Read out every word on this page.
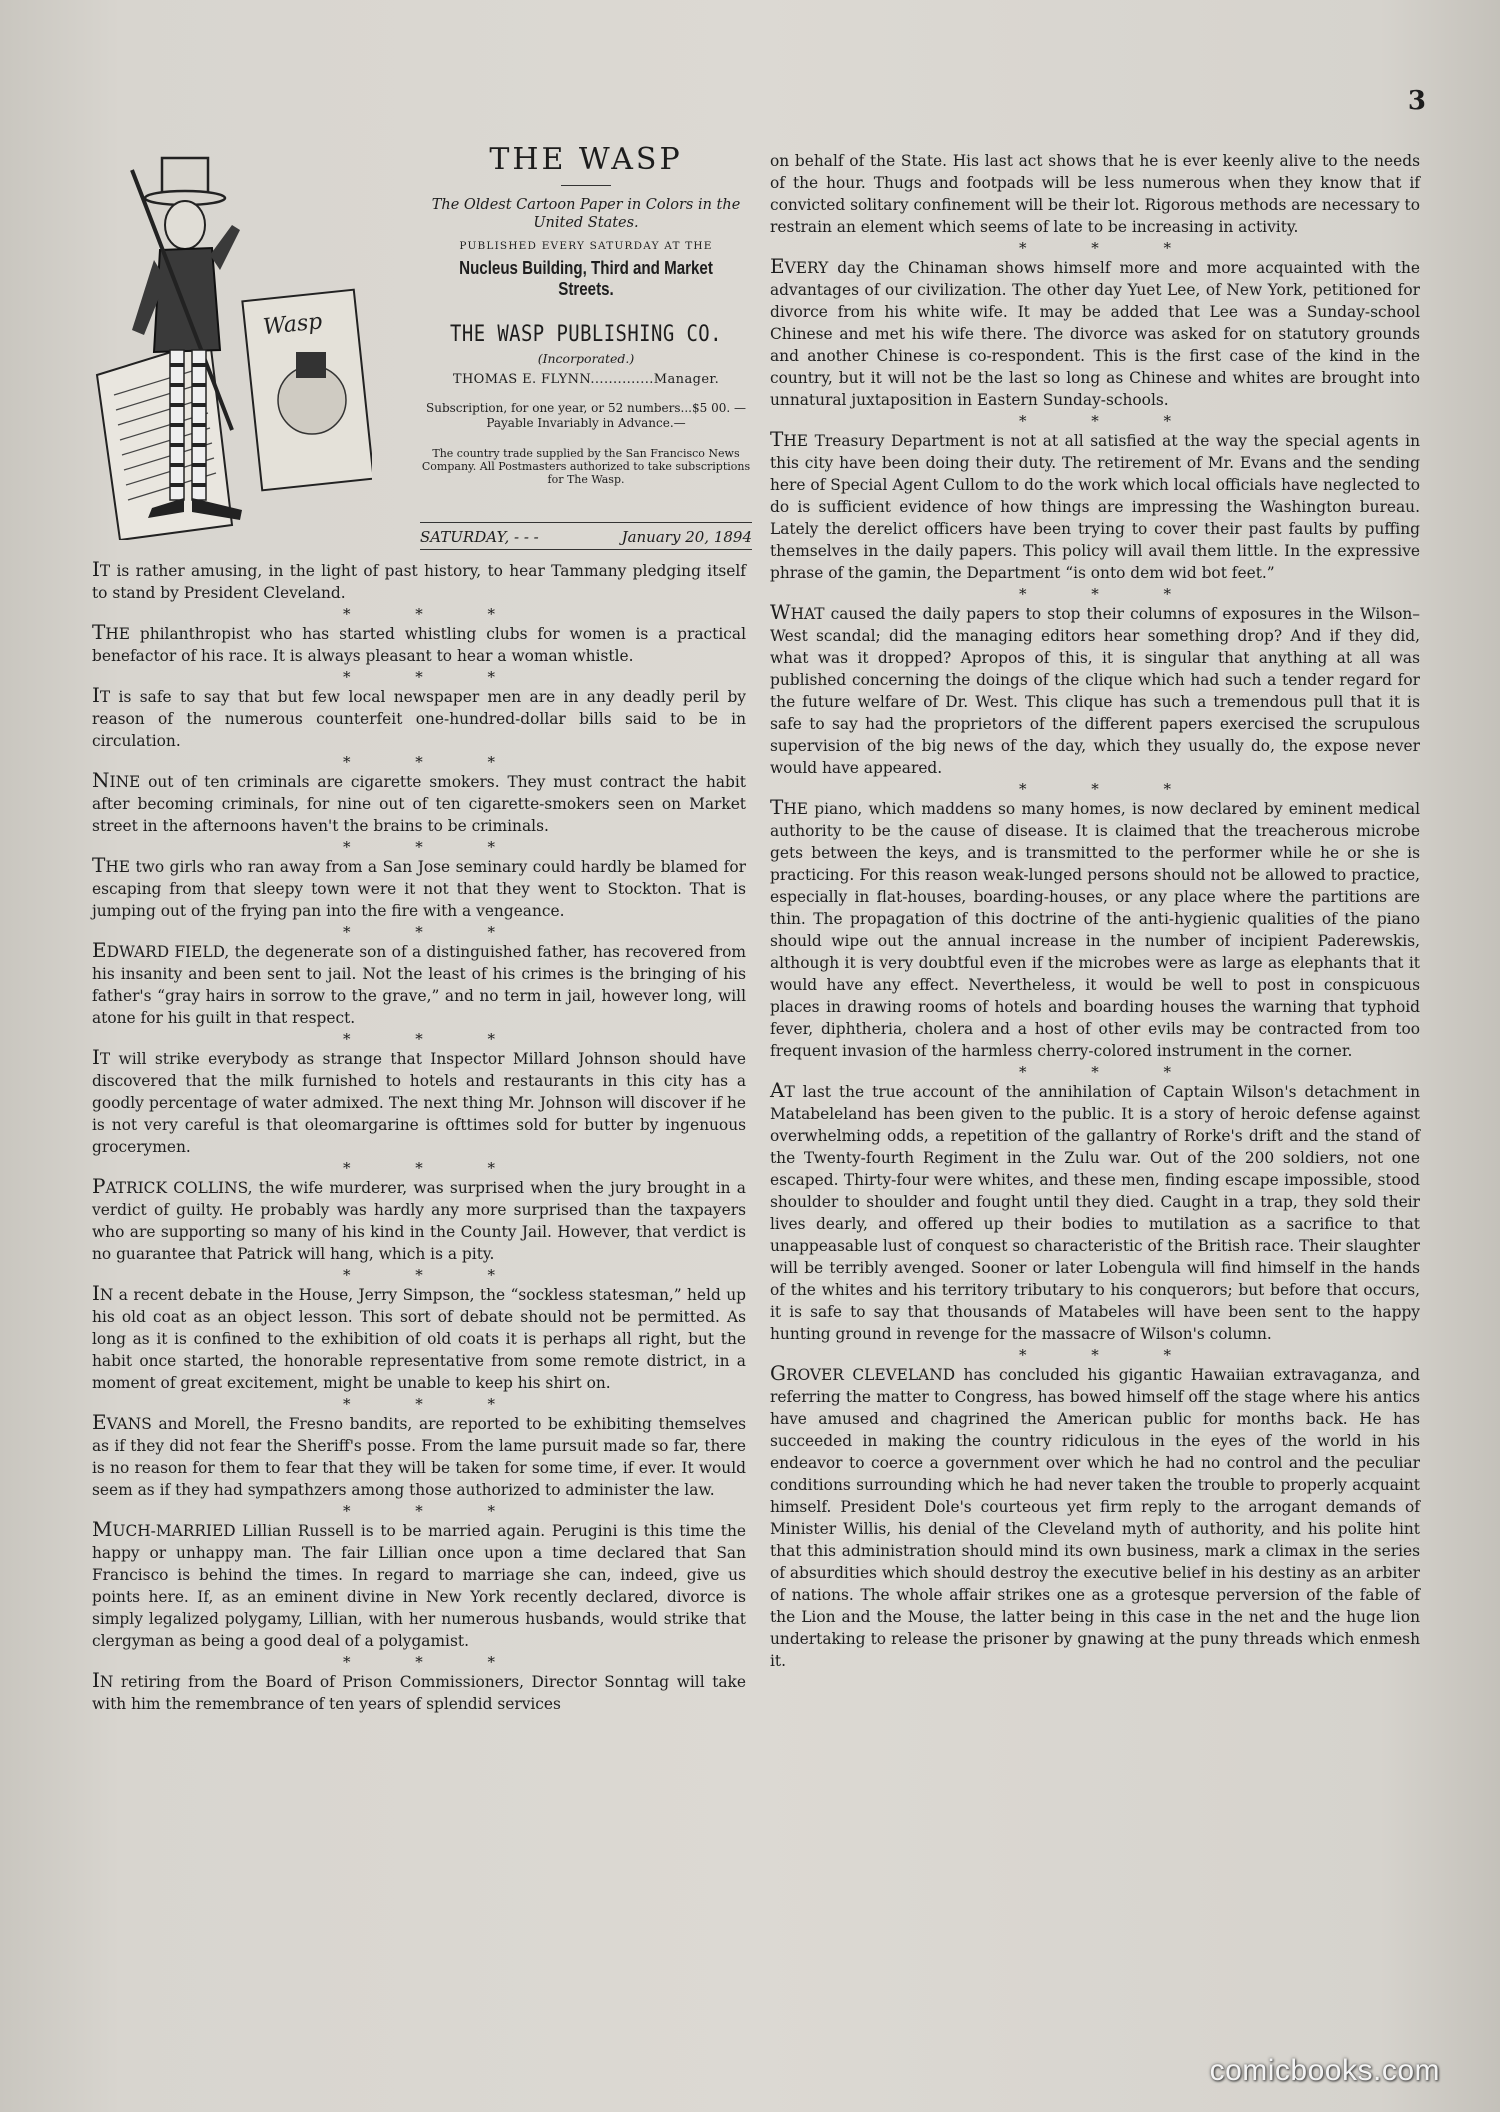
3
Wasp
THE WASP
The Oldest Cartoon Paper in Colors in the United States.
PUBLISHED EVERY SATURDAY AT THE
Nucleus Building, Third and Market Streets.
THE WASP PUBLISHING CO.
(Incorporated.)
THOMAS E. FLYNN..............Manager.
Subscription, for one year, or 52 numbers...$5 00. —Payable Invariably in Advance.—
The country trade supplied by the San Francisco News Company. All Postmasters authorized to take subscriptions for The Wasp.
SATURDAY, - - -	January 20, 1894

IT is rather amusing, in the light of past history, to hear Tammany pledging itself to stand by President Cleveland.

* * *

THE philanthropist who has started whistling clubs for women is a practical benefactor of his race. It is always pleasant to hear a woman whistle.

* * *

IT is safe to say that but few local newspaper men are in any deadly peril by reason of the numerous counterfeit one-hundred-dollar bills said to be in circulation.

* * *

NINE out of ten criminals are cigarette smokers. They must contract the habit after becoming criminals, for nine out of ten cigarette-smokers seen on Market street in the afternoons haven't the brains to be criminals.

* * *

THE two girls who ran away from a San Jose seminary could hardly be blamed for escaping from that sleepy town were it not that they went to Stockton. That is jumping out of the frying pan into the fire with a vengeance.

* * *

EDWARD FIELD, the degenerate son of a distinguished father, has recovered from his insanity and been sent to jail. Not the least of his crimes is the bringing of his father's “gray hairs in sorrow to the grave,” and no term in jail, however long, will atone for his guilt in that respect.

* * *

IT will strike everybody as strange that Inspector Millard Johnson should have discovered that the milk furnished to hotels and restaurants in this city has a goodly percentage of water admixed. The next thing Mr. Johnson will discover if he is not very careful is that oleomargarine is ofttimes sold for butter by ingenuous grocerymen.

* * *

PATRICK COLLINS, the wife murderer, was surprised when the jury brought in a verdict of guilty. He probably was hardly any more surprised than the taxpayers who are supporting so many of his kind in the County Jail. However, that verdict is no guarantee that Patrick will hang, which is a pity.

* * *

IN a recent debate in the House, Jerry Simpson, the “sockless statesman,” held up his old coat as an object lesson. This sort of debate should not be permitted. As long as it is confined to the exhibition of old coats it is perhaps all right, but the habit once started, the honorable representative from some remote district, in a moment of great excitement, might be unable to keep his shirt on.

* * *

EVANS and Morell, the Fresno bandits, are reported to be exhibiting themselves as if they did not fear the Sheriff's posse. From the lame pursuit made so far, there is no reason for them to fear that they will be taken for some time, if ever. It would seem as if they had sympathzers among those authorized to administer the law.

* * *

MUCH-MARRIED Lillian Russell is to be married again. Perugini is this time the happy or unhappy man. The fair Lillian once upon a time declared that San Francisco is behind the times. In regard to marriage she can, indeed, give us points here. If, as an eminent divine in New York recently declared, divorce is simply legalized polygamy, Lillian, with her numerous husbands, would strike that clergyman as being a good deal of a polygamist.

* * *

IN retiring from the Board of Prison Commissioners, Director Sonntag will take with him the remembrance of ten years of splendid services

on behalf of the State. His last act shows that he is ever keenly alive to the needs of the hour. Thugs and footpads will be less numerous when they know that if convicted solitary confinement will be their lot. Rigorous methods are necessary to restrain an element which seems of late to be increasing in activity.

* * *

EVERY day the Chinaman shows himself more and more acquainted with the advantages of our civilization. The other day Yuet Lee, of New York, petitioned for divorce from his white wife. It may be added that Lee was a Sunday-school Chinese and met his wife there. The divorce was asked for on statutory grounds and another Chinese is co-respondent. This is the first case of the kind in the country, but it will not be the last so long as Chinese and whites are brought into unnatural juxtaposition in Eastern Sunday-schools.

* * *

THE Treasury Department is not at all satisfied at the way the special agents in this city have been doing their duty. The retirement of Mr. Evans and the sending here of Special Agent Cullom to do the work which local officials have neglected to do is sufficient evidence of how things are impressing the Washington bureau. Lately the derelict officers have been trying to cover their past faults by puffing themselves in the daily papers. This policy will avail them little. In the expressive phrase of the gamin, the Department “is onto dem wid bot feet.”

* * *

WHAT caused the daily papers to stop their columns of exposures in the Wilson–West scandal; did the managing editors hear something drop? And if they did, what was it dropped? Apropos of this, it is singular that anything at all was published concerning the doings of the clique which had such a tender regard for the future welfare of Dr. West. This clique has such a tremendous pull that it is safe to say had the proprietors of the different papers exercised the scrupulous supervision of the big news of the day, which they usually do, the expose never would have appeared.

* * *

THE piano, which maddens so many homes, is now declared by eminent medical authority to be the cause of disease. It is claimed that the treacherous microbe gets between the keys, and is transmitted to the performer while he or she is practicing. For this reason weak-lunged persons should not be allowed to practice, especially in flat-houses, boarding-houses, or any place where the partitions are thin. The propagation of this doctrine of the anti-hygienic qualities of the piano should wipe out the annual increase in the number of incipient Paderewskis, although it is very doubtful even if the microbes were as large as elephants that it would have any effect. Nevertheless, it would be well to post in conspicuous places in drawing rooms of hotels and boarding houses the warning that typhoid fever, diphtheria, cholera and a host of other evils may be contracted from too frequent invasion of the harmless cherry-colored instrument in the corner.

* * *

AT last the true account of the annihilation of Captain Wilson's detachment in Matabeleland has been given to the public. It is a story of heroic defense against overwhelming odds, a repetition of the gallantry of Rorke's drift and the stand of the Twenty-fourth Regiment in the Zulu war. Out of the 200 soldiers, not one escaped. Thirty-four were whites, and these men, finding escape impossible, stood shoulder to shoulder and fought until they died. Caught in a trap, they sold their lives dearly, and offered up their bodies to mutilation as a sacrifice to that unappeasable lust of conquest so characteristic of the British race. Their slaughter will be terribly avenged. Sooner or later Lobengula will find himself in the hands of the whites and his territory tributary to his conquerors; but before that occurs, it is safe to say that thousands of Matabeles will have been sent to the happy hunting ground in revenge for the massacre of Wilson's column.

* * *

GROVER CLEVELAND has concluded his gigantic Hawaiian extravaganza, and referring the matter to Congress, has bowed himself off the stage where his antics have amused and chagrined the American public for months back. He has succeeded in making the country ridiculous in the eyes of the world in his endeavor to coerce a government over which he had no control and the peculiar conditions surrounding which he had never taken the trouble to properly acquaint himself. President Dole's courteous yet firm reply to the arrogant demands of Minister Willis, his denial of the Cleveland myth of authority, and his polite hint that this administration should mind its own business, mark a climax in the series of absurdities which should destroy the executive belief in his destiny as an arbiter of nations. The whole affair strikes one as a grotesque perversion of the fable of the Lion and the Mouse, the latter being in this case in the net and the huge lion undertaking to release the prisoner by gnawing at the puny threads which enmesh it.

comicbooks.com
